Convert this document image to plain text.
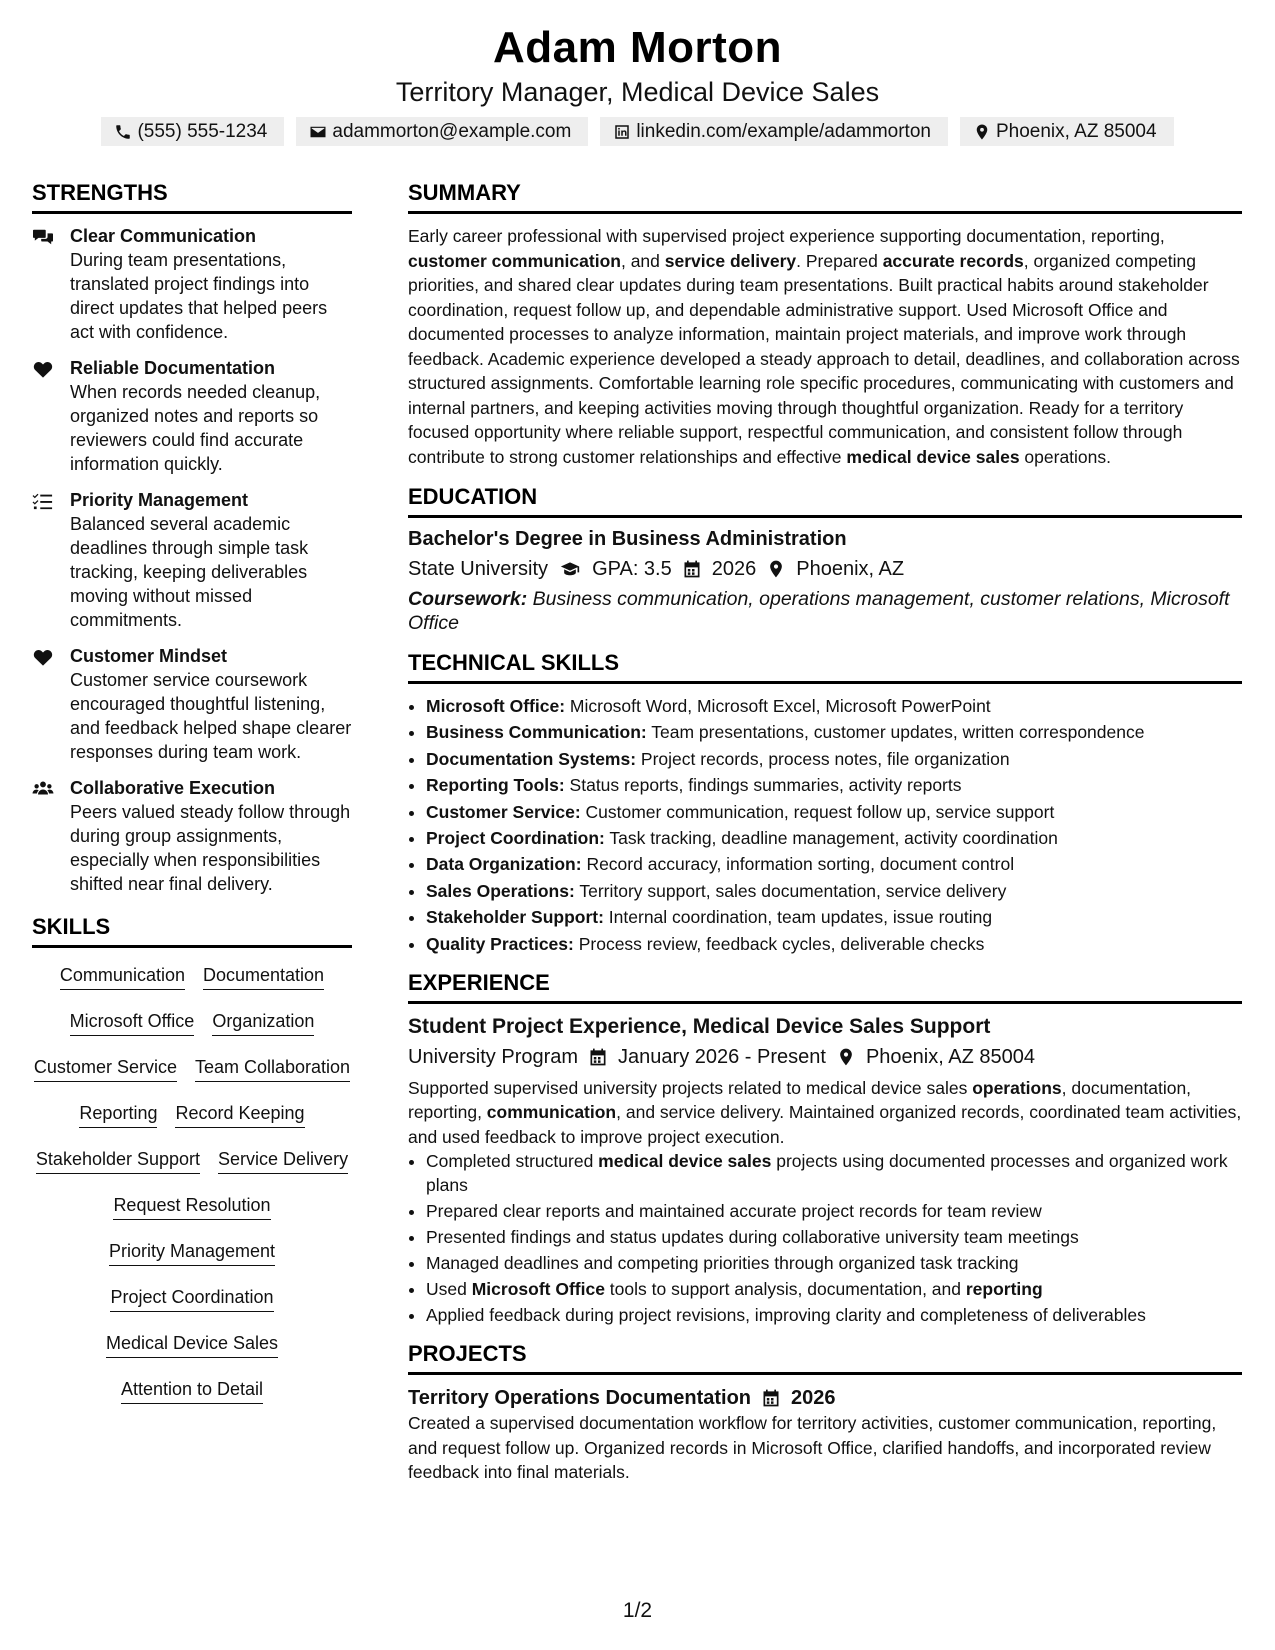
Adam Morton
Territory Manager, Medical Device Sales
(555) 555-1234	adammorton@example.com	linkedin.com/example/adammorton	Phoenix, AZ 85004
STRENGTHS
Clear Communication
During team presentations, translated project findings into direct updates that helped peers act with confidence.
Reliable Documentation
When records needed cleanup, organized notes and reports so reviewers could find accurate information quickly.
Priority Management
Balanced several academic deadlines through simple task tracking, keeping deliverables moving without missed commitments.
Customer Mindset
Customer service coursework encouraged thoughtful listening, and feedback helped shape clearer responses during team work.
Collaborative Execution
Peers valued steady follow through during group assignments, especially when responsibilities shifted near final delivery.
SKILLS
Communication Documentation
Microsoft Office Organization
Customer Service Team Collaboration
Reporting Record Keeping
Stakeholder Support Service Delivery
Request Resolution
Priority Management
Project Coordination
Medical Device Sales
Attention to Detail
SUMMARY
Early career professional with supervised project experience supporting documentation, reporting, customer communication, and service delivery. Prepared accurate records, organized competing priorities, and shared clear updates during team presentations. Built practical habits around stakeholder coordination, request follow up, and dependable administrative support. Used Microsoft Office and documented processes to analyze information, maintain project materials, and improve work through feedback. Academic experience developed a steady approach to detail, deadlines, and collaboration across structured assignments. Comfortable learning role specific procedures, communicating with customers and internal partners, and keeping activities moving through thoughtful organization. Ready for a territory focused opportunity where reliable support, respectful communication, and consistent follow through contribute to strong customer relationships and effective medical device sales operations.
EDUCATION
Bachelor's Degree in Business Administration
State University GPA: 3.5 2026 Phoenix, AZ
Coursework: Business communication, operations management, customer relations, Microsoft Office
TECHNICAL SKILLS
• Microsoft Office: Microsoft Word, Microsoft Excel, Microsoft PowerPoint
• Business Communication: Team presentations, customer updates, written correspondence
• Documentation Systems: Project records, process notes, file organization
• Reporting Tools: Status reports, findings summaries, activity reports
• Customer Service: Customer communication, request follow up, service support
• Project Coordination: Task tracking, deadline management, activity coordination
• Data Organization: Record accuracy, information sorting, document control
• Sales Operations: Territory support, sales documentation, service delivery
• Stakeholder Support: Internal coordination, team updates, issue routing
• Quality Practices: Process review, feedback cycles, deliverable checks
EXPERIENCE
Student Project Experience, Medical Device Sales Support
University Program January 2026 - Present Phoenix, AZ 85004
Supported supervised university projects related to medical device sales operations, documentation, reporting, communication, and service delivery. Maintained organized records, coordinated team activities, and used feedback to improve project execution.
• Completed structured medical device sales projects using documented processes and organized work plans
• Prepared clear reports and maintained accurate project records for team review
• Presented findings and status updates during collaborative university team meetings
• Managed deadlines and competing priorities through organized task tracking
• Used Microsoft Office tools to support analysis, documentation, and reporting
• Applied feedback during project revisions, improving clarity and completeness of deliverables
PROJECTS
Territory Operations Documentation 2026
Created a supervised documentation workflow for territory activities, customer communication, reporting, and request follow up. Organized records in Microsoft Office, clarified handoffs, and incorporated review feedback into final materials.
1/2
